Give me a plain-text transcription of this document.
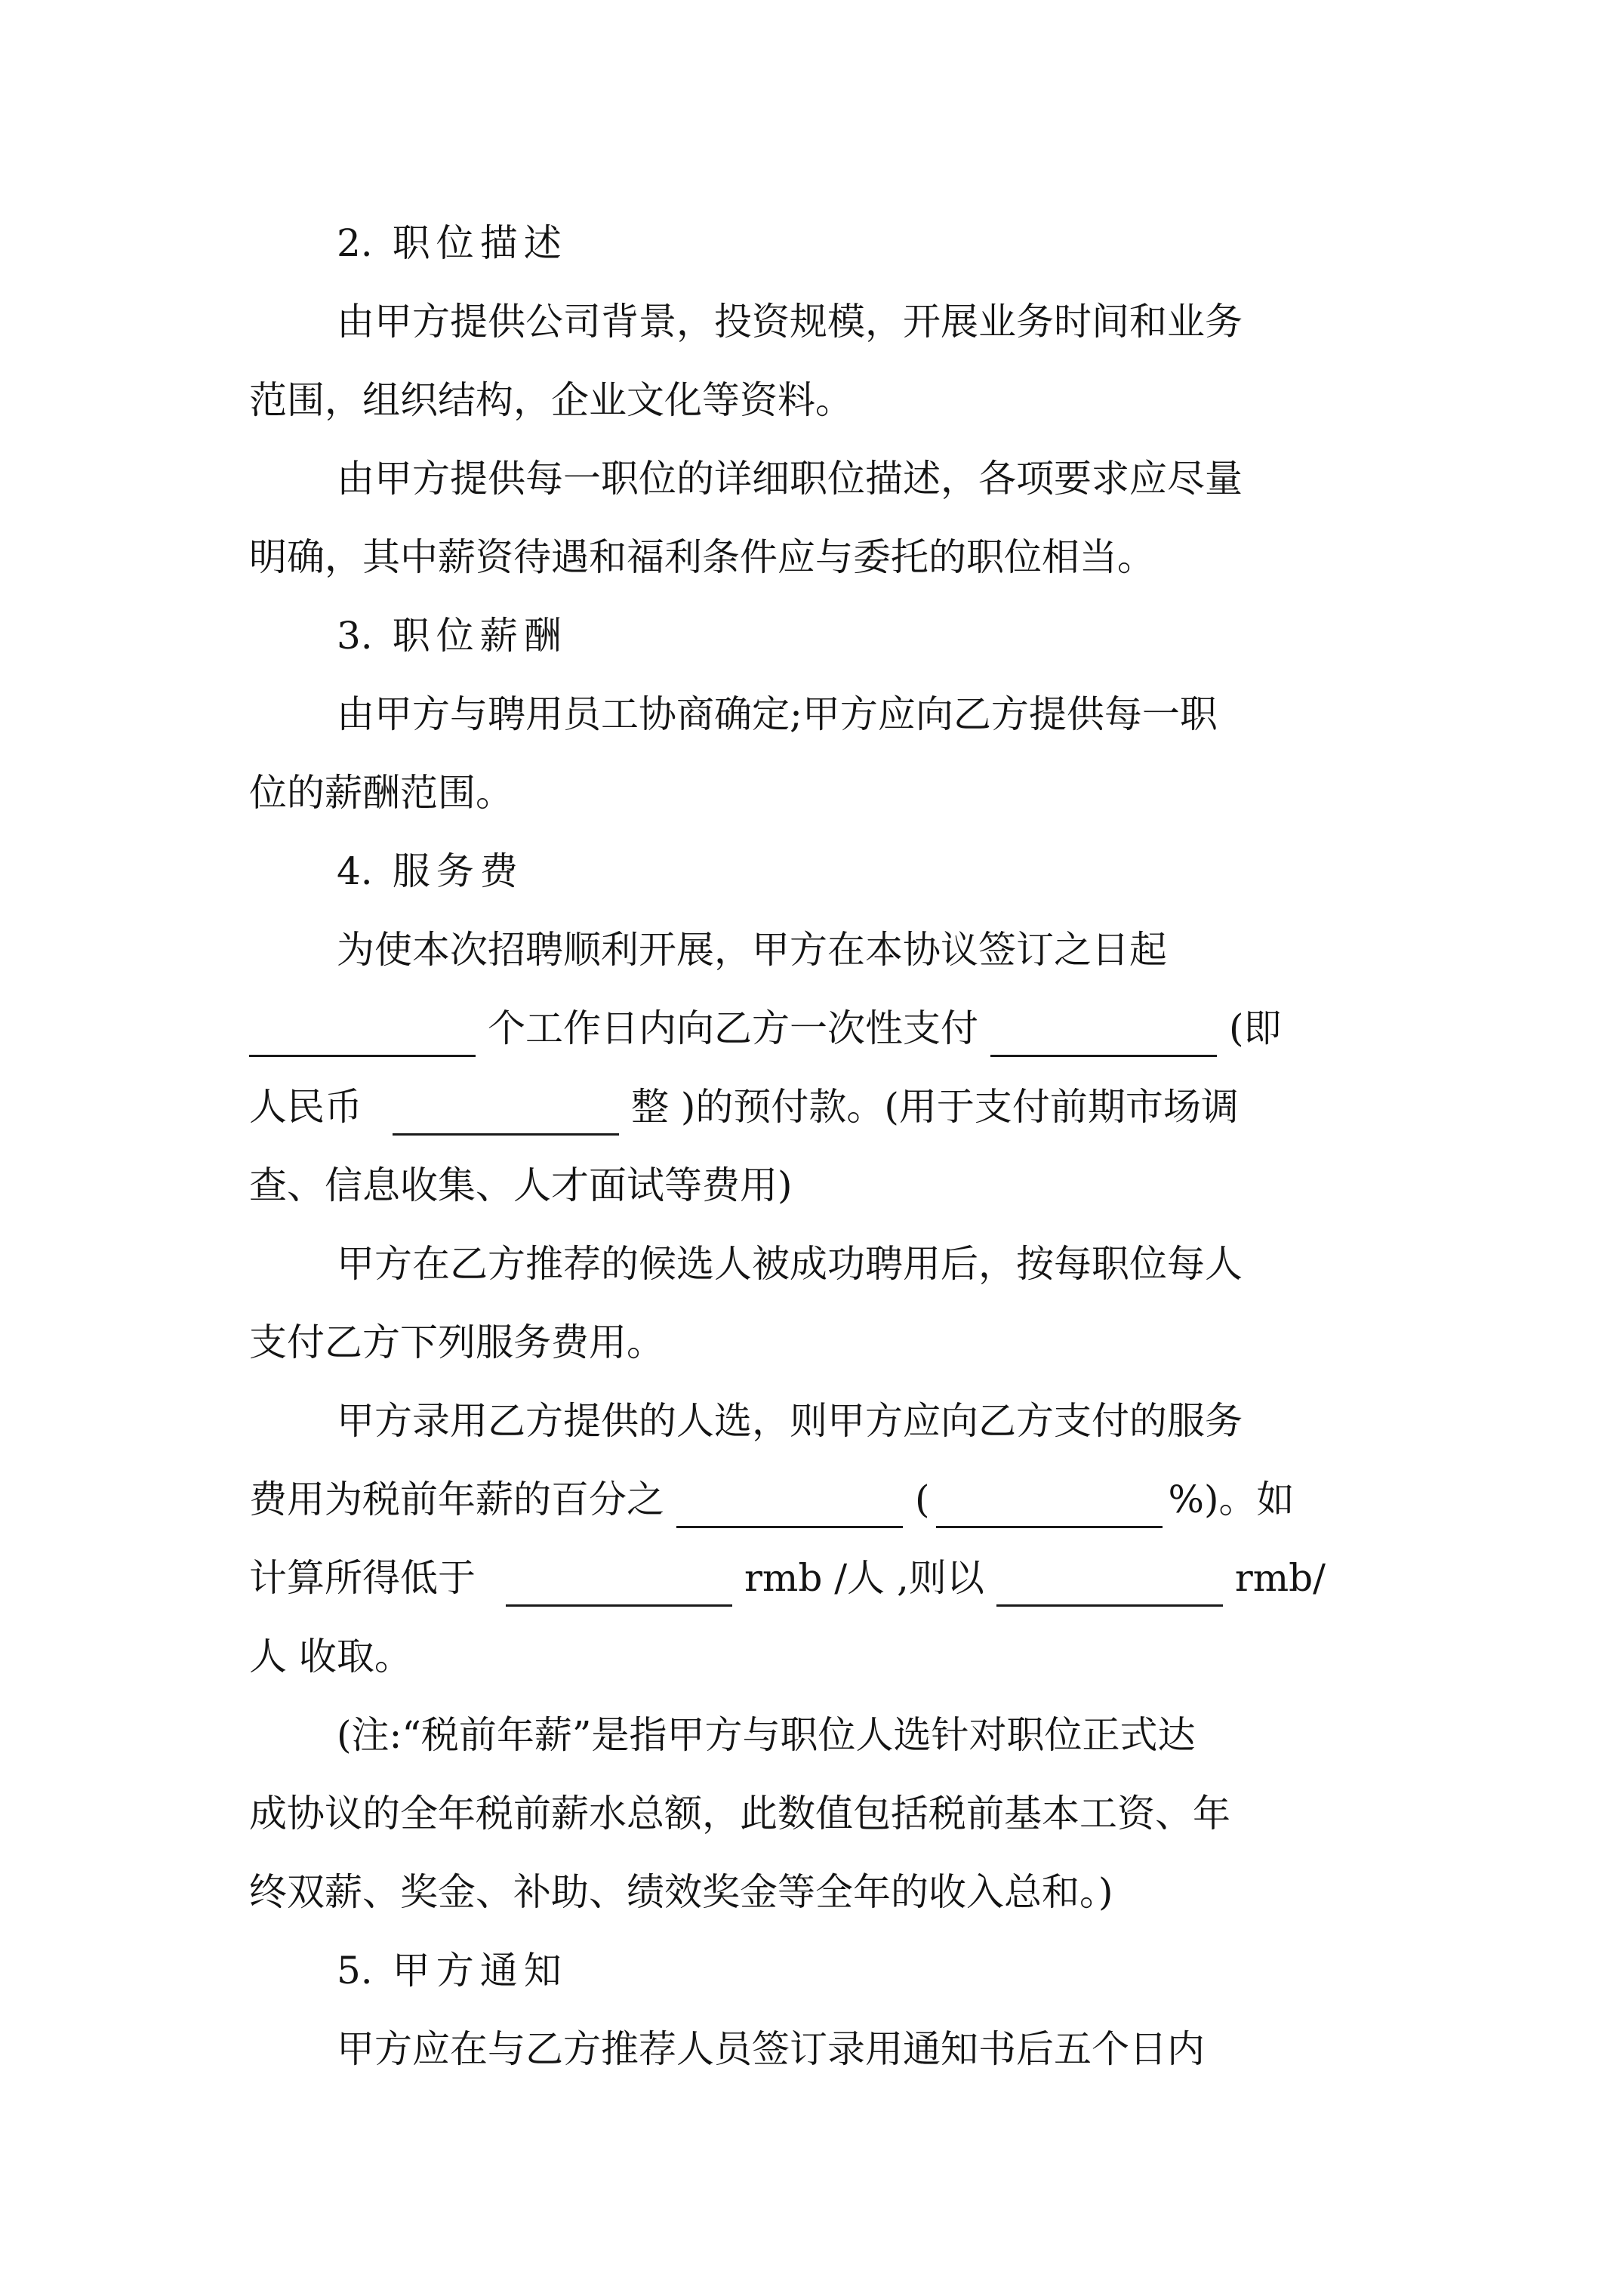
2. 职位描述
由甲方提供公司背景，投资规模，开展业务时间和业务
范围，组织结构，企业文化等资料。
由甲方提供每一职位的详细职位描述，各项要求应尽量
明确，其中薪资待遇和福利条件应与委托的职位相当。
3. 职位薪酬
由甲方与聘用员工协商确定;甲方应向乙方提供每一职
位的薪酬范围。
4. 服务费
为使本次招聘顺利开展，甲方在本协议签订之日起
个工作日内向乙方一次性支付	(即
人民币	整 )的预付款。(用于支付前期市场调
查、信息收集、人才面试等费用)
甲方在乙方推荐的候选人被成功聘用后，按每职位每人
支付乙方下列服务费用。
甲方录用乙方提供的人选，则甲方应向乙方支付的服务
费用为税前年薪的百分之	(	%)。如
计算所得低于	rmb /人 ,则以	rmb/
人 收取。
(注:“税前年薪”是指甲方与职位人选针对职位正式达
成协议的全年税前薪水总额，此数值包括税前基本工资、年
终双薪、奖金、补助、绩效奖金等全年的收入总和。)
5. 甲方通知
甲方应在与乙方推荐人员签订录用通知书后五个日内
